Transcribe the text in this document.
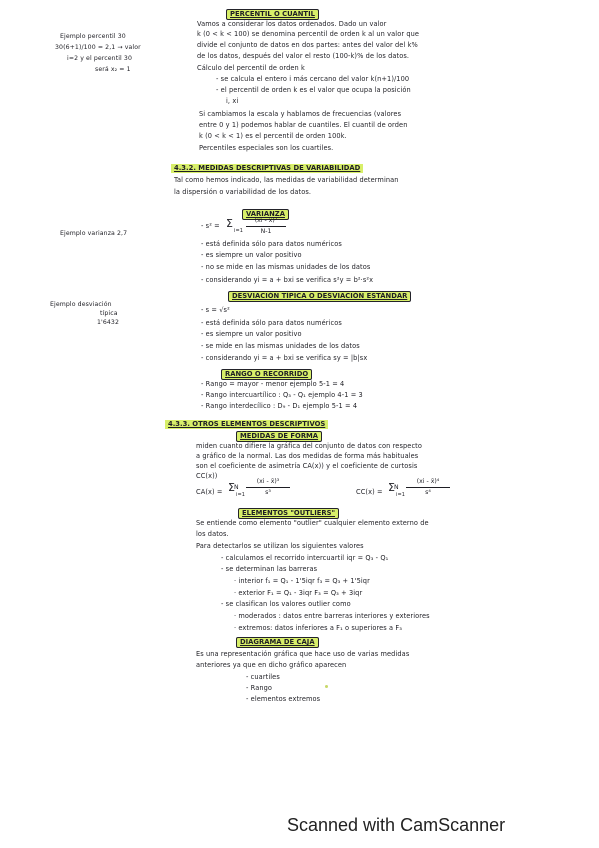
PERCENTIL O CUANTIL
Vamos a considerar los datos ordenados. Dado un valor
k (0 < k < 100) se denomina percentil de orden k al un valor que
divide el conjunto de datos en dos partes: antes del valor del k%
de los datos, después del valor el resto (100-k)% de los datos.
Cálculo del percentil de orden k
- se calcula el entero i más cercano del valor k(n+1)/100
- el percentil de orden k es el valor que ocupa la posición
i, xi
Si cambiamos la escala y hablamos de frecuencias (valores
entre 0 y 1) podemos hablar de cuantiles. El cuantil de orden
k (0 < k < 1) es el percentil de orden 100k.
Percentiles especiales son los cuartiles.
Ejemplo percentil 30
30(6+1)/100 = 2,1 → valor
i=2 y el percentil 30
será x₂ = 1
4.3.2. MEDIDAS DESCRIPTIVAS DE VARIABILIDAD
Tal como hemos indicado, las medidas de variabilidad determinan
la dispersión o variabilidad de los datos.
VARIANZA
- s² = Σ
i=1
(xi - x̄)²
N-1
- está definida sólo para datos numéricos
- es siempre un valor positivo
- no se mide en las mismas unidades de los datos
- considerando yi = a + bxi se verifica s²y = b²·s²x
Ejemplo varianza 2,7
DESVIACIÓN TÍPICA O DESVIACIÓN ESTÁNDAR
- s = √s²
- está definida sólo para datos numéricos
- es siempre un valor positivo
- se mide en las mismas unidades de los datos
- considerando yi = a + bxi se verifica sy = |b|sx
Ejemplo desviación
típica
1'6432
RANGO O RECORRIDO
- Rango = mayor - menor ejemplo 5-1 = 4
- Rango intercuartílico : Q₃ - Q₁ ejemplo 4-1 = 3
- Rango interdecílico : D₉ - D₁ ejemplo 5-1 = 4
4.3.3. OTROS ELEMENTOS DESCRIPTIVOS
MEDIDAS DE FORMA
miden cuanto difiere la gráfica del conjunto de datos con respecto
a gráfico de la normal. Las dos medidas de forma más habituales
son el coeficiente de asimetría CA(x)) y el coeficiente de curtosis
CC(x))
CA(x) = Σ
i=1
(xi - x̄)³
N
s³	CC(x) = Σ
i=1
(xi - x̄)⁴
N
s⁴
ELEMENTOS "OUTLIERS"
Se entiende como elemento "outlier" cualquier elemento externo de
los datos.
Para detectarlos se utilizan los siguientes valores
- calculamos el recorrido intercuartil iqr = Q₃ - Q₁
- se determinan las barreras
· interior f₁ = Q₁ - 1'5iqr f₃ = Q₃ + 1'5iqr
· exterior F₁ = Q₁ - 3iqr F₃ = Q₃ + 3iqr
- se clasifican los valores outlier como
· moderados : datos entre barreras interiores y exteriores
· extremos: datos inferiores a F₁ o superiores a F₃
DIAGRAMA DE CAJA
Es una representación gráfica que hace uso de varias medidas
anteriores ya que en dicho gráfico aparecen
- cuartiles
- Rango
- elementos extremos
Scanned with CamScanner
